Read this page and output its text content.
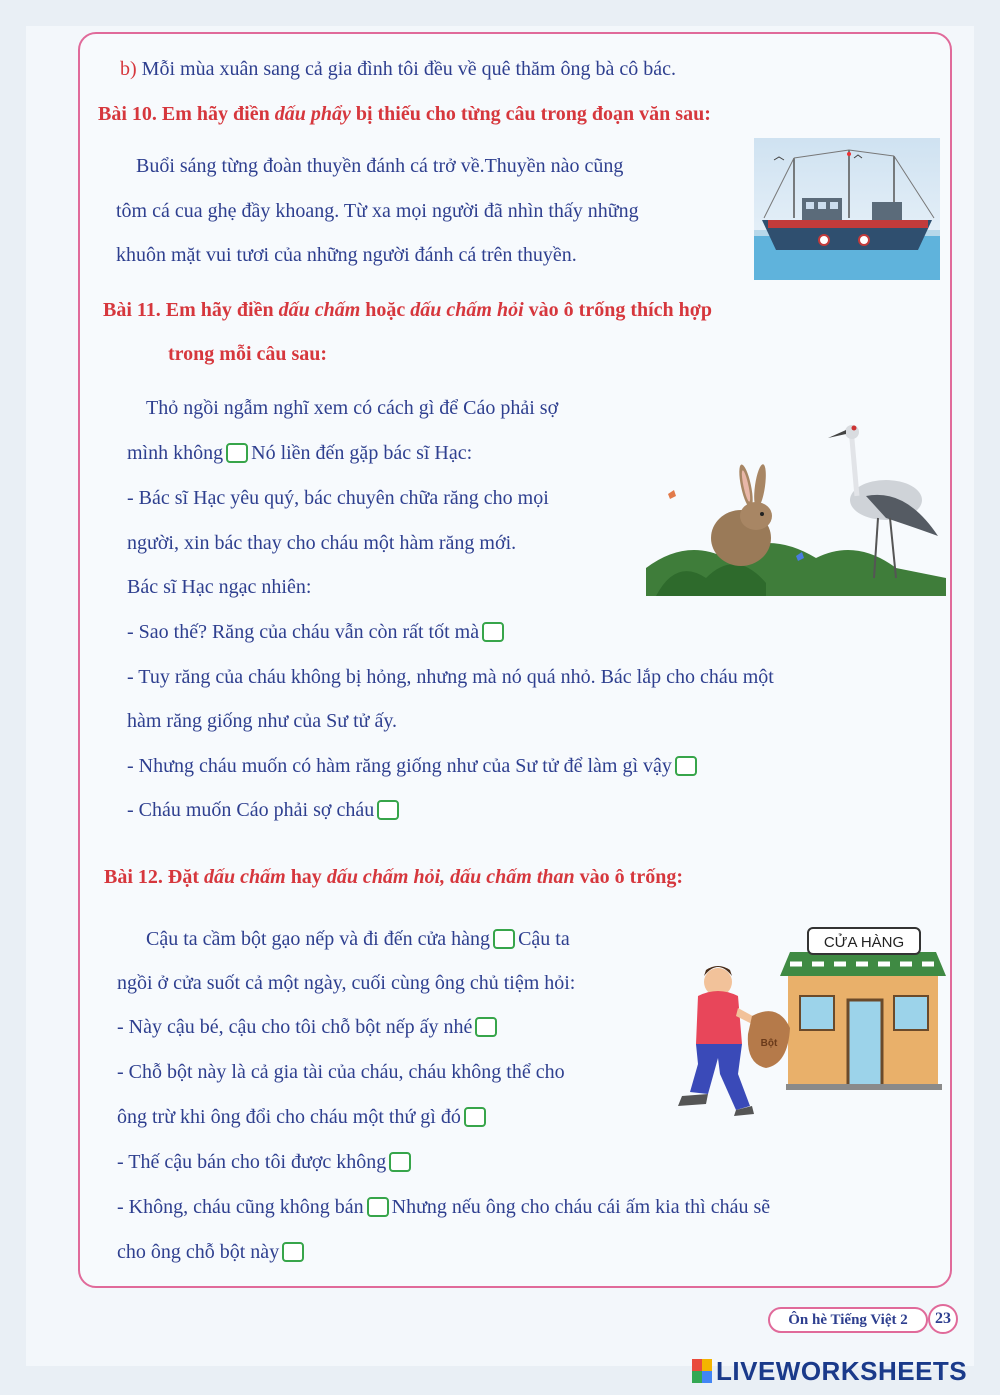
b) Mỗi mùa xuân sang cả gia đình tôi đều về quê thăm ông bà cô bác.
Bài 10. Em hãy điền dấu phẩy bị thiếu cho từng câu trong đoạn văn sau:
Buổi sáng từng đoàn thuyền đánh cá trở về.Thuyền nào cũng
tôm cá cua ghẹ đầy khoang. Từ xa mọi người đã nhìn thấy những
khuôn mặt vui tươi của những người đánh cá trên thuyền.
Bài 11. Em hãy điền dấu chấm hoặc dấu chấm hỏi vào ô trống thích hợp
trong mỗi câu sau:
Thỏ ngồi ngẫm nghĩ xem có cách gì để Cáo phải sợ
mình không Nó liền đến gặp bác sĩ Hạc:
- Bác sĩ Hạc yêu quý, bác chuyên chữa răng cho mọi
người, xin bác thay cho cháu một hàm răng mới.
Bác sĩ Hạc ngạc nhiên:
- Sao thế? Răng của cháu vẫn còn rất tốt mà
- Tuy răng của cháu không bị hỏng, nhưng mà nó quá nhỏ. Bác lắp cho cháu một
hàm răng giống như của Sư tử ấy.
- Nhưng cháu muốn có hàm răng giống như của Sư tử để làm gì vậy
- Cháu muốn Cáo phải sợ cháu
Bài 12. Đặt dấu chấm hay dấu chấm hỏi, dấu chấm than vào ô trống:
Cậu ta cầm bột gạo nếp và đi đến cửa hàng Cậu ta
ngồi ở cửa suốt cả một ngày, cuối cùng ông chủ tiệm hỏi:
- Này cậu bé, cậu cho tôi chỗ bột nếp ấy nhé
- Chỗ bột này là cả gia tài của cháu, cháu không thể cho
ông trừ khi ông đổi cho cháu một thứ gì đó
- Thế cậu bán cho tôi được không
- Không, cháu cũng không bán Nhưng nếu ông cho cháu cái ấm kia thì cháu sẽ
cho ông chỗ bột này
CỬA HÀNG
Bột
Ôn hè Tiếng Việt 2	23
LIVEWORKSHEETS
